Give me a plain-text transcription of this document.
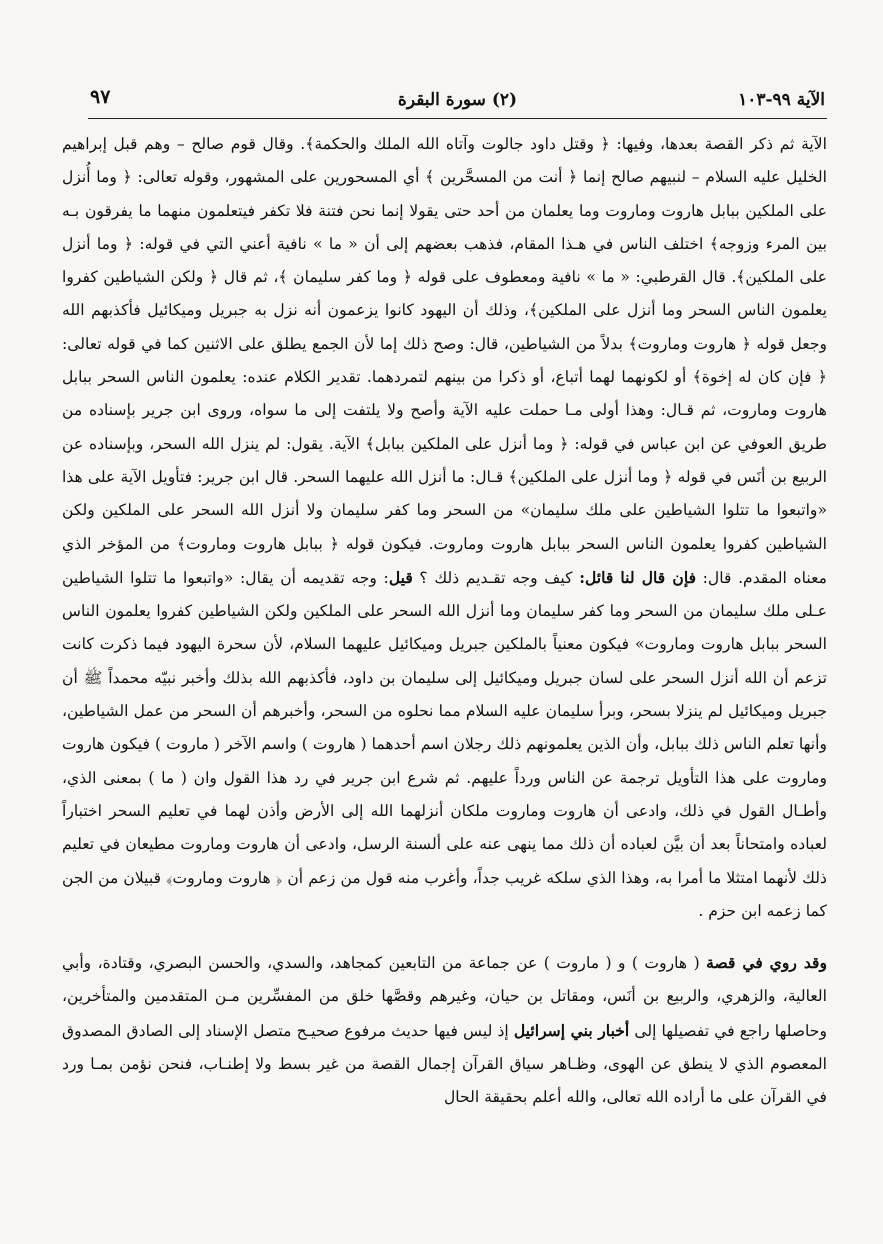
الآية ٩٩-١٠٣
(٢) سورة البقرة
٩٧

الآية ثم ذكر القصة بعدها، وفيها: ﴿ وقتل داود جالوت وآتاه الله الملك والحكمة﴾. وقال قوم صالح – وهم قبل إبراهيم الخليل عليه السلام – لنبيهم صالح إنما ﴿ أنت من المسحَّرين ﴾ أي المسحورين على المشهور، وقوله تعالى: ﴿ وما أُنزل على الملكين ببابل هاروت وماروت وما يعلمان من أحد حتى يقولا إنما نحن فتنة فلا تكفر فيتعلمون منهما ما يفرقون بـه بين المرء وزوجه﴾ اختلف الناس في هـذا المقام، فذهب بعضهم إلى أن « ما » نافية أعني التي في قوله: ﴿ وما أنزل على الملكين﴾. قال القرطبي: « ما » نافية ومعطوف على قوله ﴿ وما كفر سليمان ﴾، ثم قال ﴿ ولكن الشياطين كفروا يعلمون الناس السحر وما أنزل على الملكين﴾، وذلك أن اليهود كانوا يزعمون أنه نزل به جبريل وميكائيل فأكذبهم الله وجعل قوله ﴿ هاروت وماروت﴾ بدلاً من الشياطين، قال: وصح ذلك إما لأن الجمع يطلق على الاثنين كما في قوله تعالى: ﴿ فإن كان له إخوة﴾ أو لكونهما لهما أتباع، أو ذكرا من بينهم لتمردهما. تقدير الكلام عنده: يعلمون الناس السحر ببابل هاروت وماروت، ثم قـال: وهذا أولى مـا حملت عليه الآية وأصح ولا يلتفت إلى ما سواه، وروى ابن جرير بإسناده من طريق العوفي عن ابن عباس في قوله: ﴿ وما أنزل على الملكين ببابل﴾ الآية. يقول: لم ينزل الله السحر، وبإسناده عن الربيع بن أنَس في قوله ﴿ وما أنزل على الملكين﴾ قـال: ما أنزل الله عليهما السحر. قال ابن جرير: فتأويل الآية على هذا «واتبعوا ما تتلوا الشياطين على ملك سليمان» من السحر وما كفر سليمان ولا أنزل الله السحر على الملكين ولكن الشياطين كفروا يعلمون الناس السحر ببابل هاروت وماروت. فيكون قوله ﴿ ببابل هاروت وماروت﴾ من المؤخر الذي معناه المقدم. قال: فإن قال لنا قائل: كيف وجه تقـديم ذلك ؟ قيل: وجه تقديمه أن يقال: «واتبعوا ما تتلوا الشياطين عـلى ملك سليمان من السحر وما كفر سليمان وما أنزل الله السحر على الملكين ولكن الشياطين كفروا يعلمون الناس السحر ببابل هاروت وماروت» فيكون معنياً بالملكين جبريل وميكائيل عليهما السلام، لأن سحرة اليهود فيما ذكرت كانت تزعم أن الله أنزل السحر على لسان جبريل وميكائيل إلى سليمان بن داود، فأكذبهم الله بذلك وأخبر نبيّه محمداً ﷺ أن جبريل وميكائيل لم ينزلا بسحر، وبرأ سليمان عليه السلام مما نحلوه من السحر، وأخبرهم أن السحر من عمل الشياطين، وأنها تعلم الناس ذلك ببابل، وأن الذين يعلمونهم ذلك رجلان اسم أحدهما ( هاروت ) واسم الآخر ( ماروت ) فيكون هاروت وماروت على هذا التأويل ترجمة عن الناس ورداً عليهم. ثم شرع ابن جرير في رد هذا القول وان ( ما ) بمعنى الذي، وأطـال القول في ذلك، وادعى أن هاروت وماروت ملكان أنزلهما الله إلى الأرض وأذن لهما في تعليم السحر اختباراً لعباده وامتحاناً بعد أن بيَّن لعباده أن ذلك مما ينهى عنه على ألسنة الرسل، وادعى أن هاروت وماروت مطيعان في تعليم ذلك لأنهما امتثلا ما أمرا به، وهذا الذي سلكه غريب جداً، وأغرب منه قول من زعم أن ﴿ هاروت وماروت﴾ قبيلان من الجن كما زعمه ابن حزم .

وقد روي في قصة ( هاروت ) و ( ماروت ) عن جماعة من التابعين كمجاهد، والسدي، والحسن البصري، وقتادة، وأبي العالية، والزهري، والربيع بن أنَس، ومقاتل بن حيان، وغيرهم وقصَّها خلق من المفسِّرين مـن المتقدمين والمتأخرين، وحاصلها راجع في تفصيلها إلى أخبار بني إسرائيل إذ ليس فيها حديث مرفوع صحيـح متصل الإسناد إلى الصادق المصدوق المعصوم الذي لا ينطق عن الهوى، وظـاهر سياق القرآن إجمال القصة من غير بسط ولا إطنـاب، فنحن نؤمن بمـا ورد في القرآن على ما أراده الله تعالى، والله أعلم بحقيقة الحال
